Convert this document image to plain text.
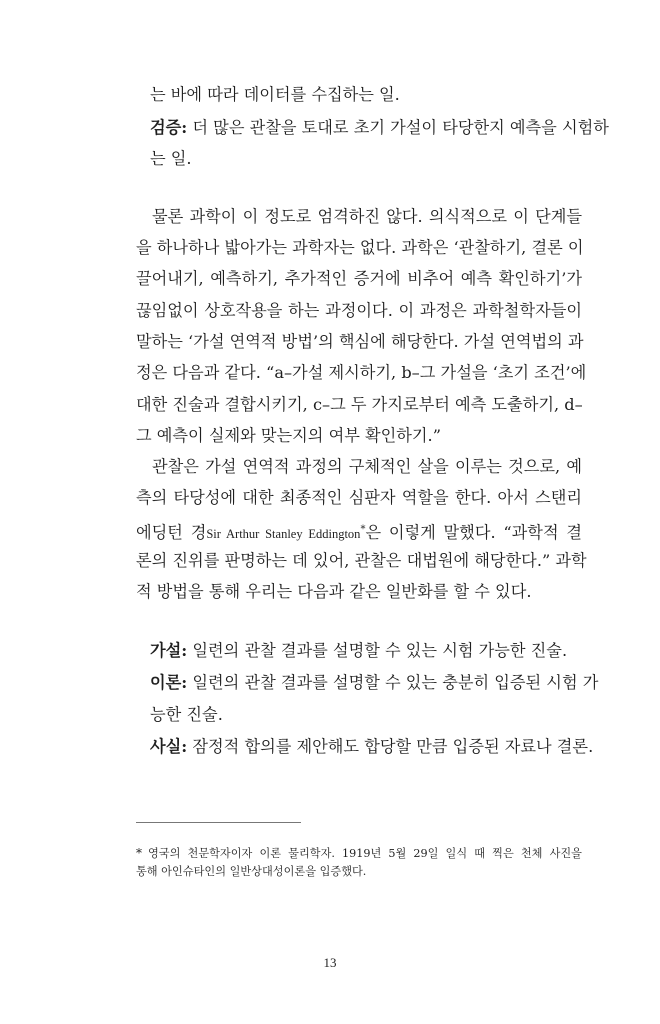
는 바에 따라 데이터를 수집하는 일.

검증: 더 많은 관찰을 토대로 초기 가설이 타당한지 예측을 시험하

는 일.

물론 과학이 이 정도로 엄격하진 않다. 의식적으로 이 단계들

을 하나하나 밟아가는 과학자는 없다. 과학은 ‘관찰하기, 결론 이

끌어내기, 예측하기, 추가적인 증거에 비추어 예측 확인하기’가

끊임없이 상호작용을 하는 과정이다. 이 과정은 과학철학자들이

말하는 ‘가설 연역적 방법’의 핵심에 해당한다. 가설 연역법의 과

정은 다음과 같다. “a–가설 제시하기, b–그 가설을 ‘초기 조건’에

대한 진술과 결합시키기, c–그 두 가지로부터 예측 도출하기, d–

그 예측이 실제와 맞는지의 여부 확인하기.”

관찰은 가설 연역적 과정의 구체적인 살을 이루는 것으로, 예

측의 타당성에 대한 최종적인 심판자 역할을 한다. 아서 스탠리

에딩턴 경Sir Arthur Stanley Eddington*은 이렇게 말했다. “과학적 결

론의 진위를 판명하는 데 있어, 관찰은 대법원에 해당한다.” 과학

적 방법을 통해 우리는 다음과 같은 일반화를 할 수 있다.

가설: 일련의 관찰 결과를 설명할 수 있는 시험 가능한 진술.

이론: 일련의 관찰 결과를 설명할 수 있는 충분히 입증된 시험 가

능한 진술.

사실: 잠정적 합의를 제안해도 합당할 만큼 입증된 자료나 결론.

* 영국의 천문학자이자 이론 물리학자. 1919년 5월 29일 일식 때 찍은 천체 사진을

통해 아인슈타인의 일반상대성이론을 입증했다.

13
